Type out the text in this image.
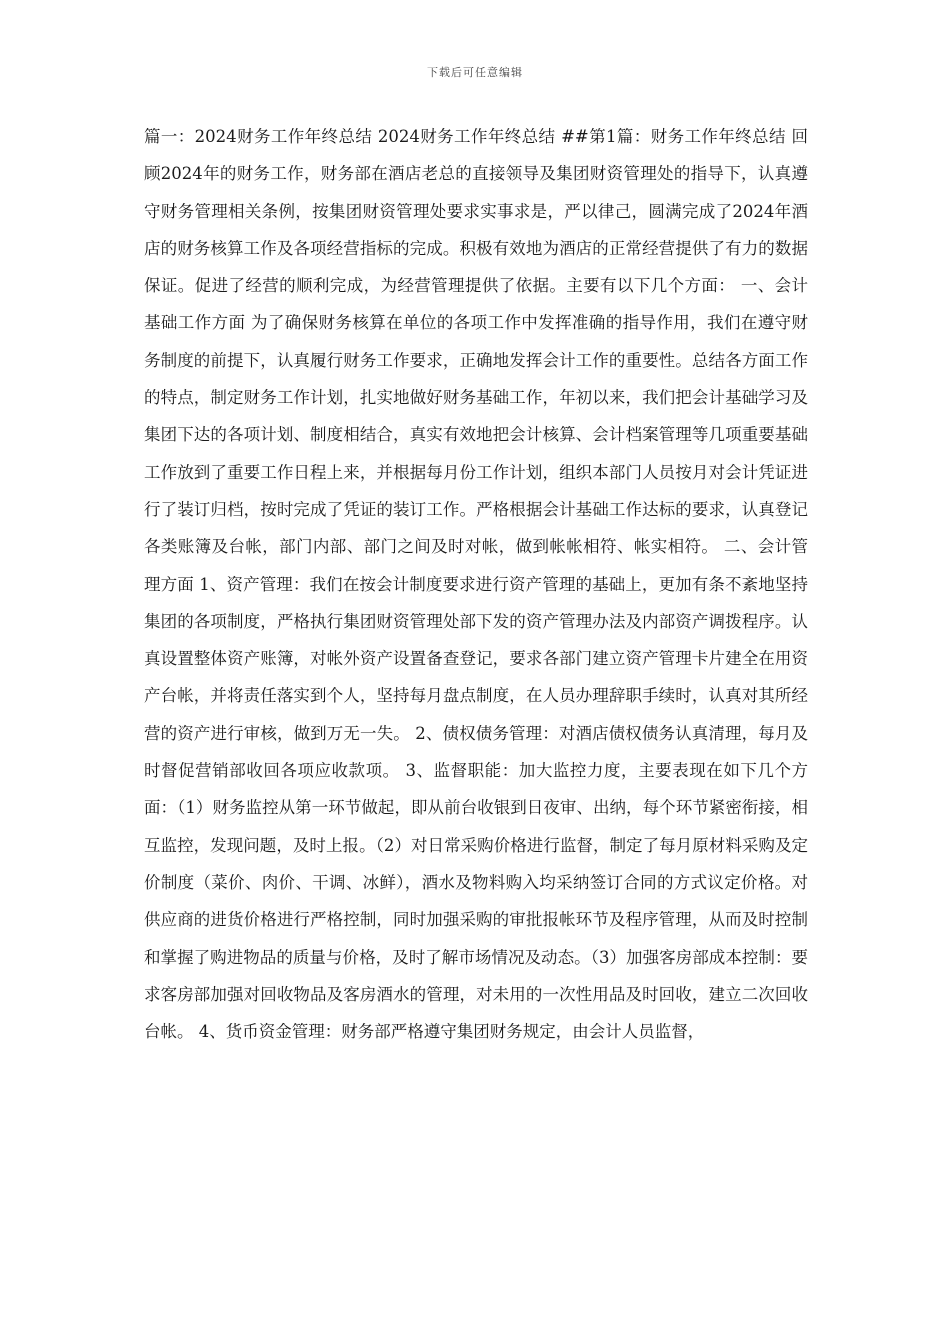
下载后可任意编辑

篇一：2024财务工作年终总结 2024财务工作年终总结 ##第1篇：财务工作年终总结 回顾2024年的财务工作，财务部在酒店老总的直接领导及集团财资管理处的指导下，认真遵守财务管理相关条例，按集团财资管理处要求实事求是，严以律己，圆满完成了2024年酒店的财务核算工作及各项经营指标的完成。积极有效地为酒店的正常经营提供了有力的数据保证。促进了经营的顺利完成，为经营管理提供了依据。主要有以下几个方面： 一、会计基础工作方面 为了确保财务核算在单位的各项工作中发挥准确的指导作用，我们在遵守财务制度的前提下，认真履行财务工作要求，正确地发挥会计工作的重要性。总结各方面工作的特点，制定财务工作计划，扎实地做好财务基础工作，年初以来，我们把会计基础学习及集团下达的各项计划、制度相结合，真实有效地把会计核算、会计档案管理等几项重要基础工作放到了重要工作日程上来，并根据每月份工作计划，组织本部门人员按月对会计凭证进行了装订归档，按时完成了凭证的装订工作。严格根据会计基础工作达标的要求，认真登记各类账簿及台帐，部门内部、部门之间及时对帐，做到帐帐相符、帐实相符。 二、会计管理方面 1、资产管理：我们在按会计制度要求进行资产管理的基础上，更加有条不紊地坚持集团的各项制度，严格执行集团财资管理处部下发的资产管理办法及内部资产调拨程序。认真设置整体资产账簿，对帐外资产设置备查登记，要求各部门建立资产管理卡片建全在用资产台帐，并将责任落实到个人，坚持每月盘点制度，在人员办理辞职手续时，认真对其所经营的资产进行审核，做到万无一失。 2、债权债务管理：对酒店债权债务认真清理，每月及时督促营销部收回各项应收款项。 3、监督职能：加大监控力度，主要表现在如下几个方面：（1）财务监控从第一环节做起，即从前台收银到日夜审、出纳，每个环节紧密衔接，相互监控，发现问题，及时上报。（2）对日常采购价格进行监督，制定了每月原材料采购及定价制度（菜价、肉价、干调、冰鲜），酒水及物料购入均采纳签订合同的方式议定价格。对供应商的进货价格进行严格控制，同时加强采购的审批报帐环节及程序管理，从而及时控制和掌握了购进物品的质量与价格，及时了解市场情况及动态。（3）加强客房部成本控制：要求客房部加强对回收物品及客房酒水的管理，对未用的一次性用品及时回收，建立二次回收台帐。 4、货币资金管理：财务部严格遵守集团财务规定，由会计人员监督，
